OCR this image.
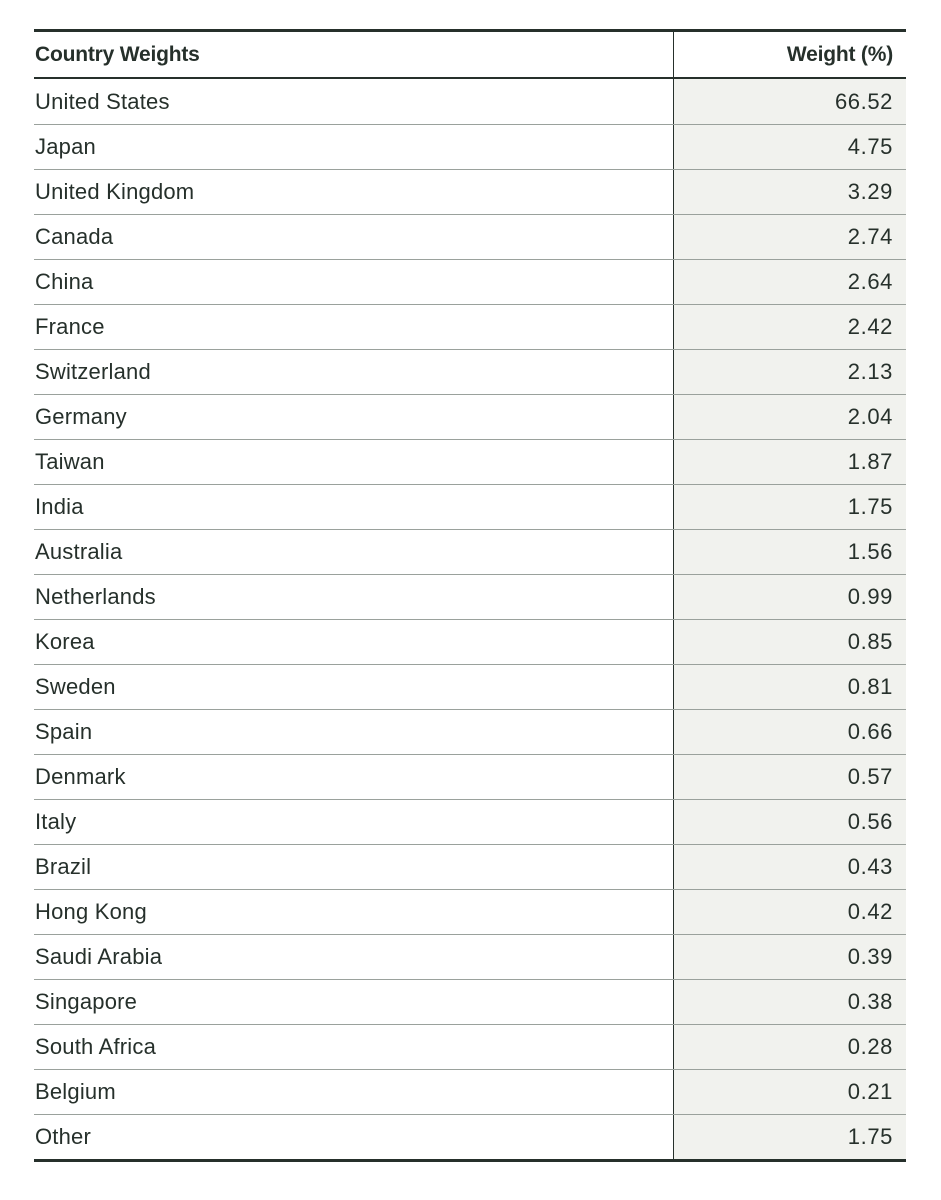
Country Weights	Weight (%)
United States	66.52
Japan	4.75
United Kingdom	3.29
Canada	2.74
China	2.64
France	2.42
Switzerland	2.13
Germany	2.04
Taiwan	1.87
India	1.75
Australia	1.56
Netherlands	0.99
Korea	0.85
Sweden	0.81
Spain	0.66
Denmark	0.57
Italy	0.56
Brazil	0.43
Hong Kong	0.42
Saudi Arabia	0.39
Singapore	0.38
South Africa	0.28
Belgium	0.21
Other	1.75
